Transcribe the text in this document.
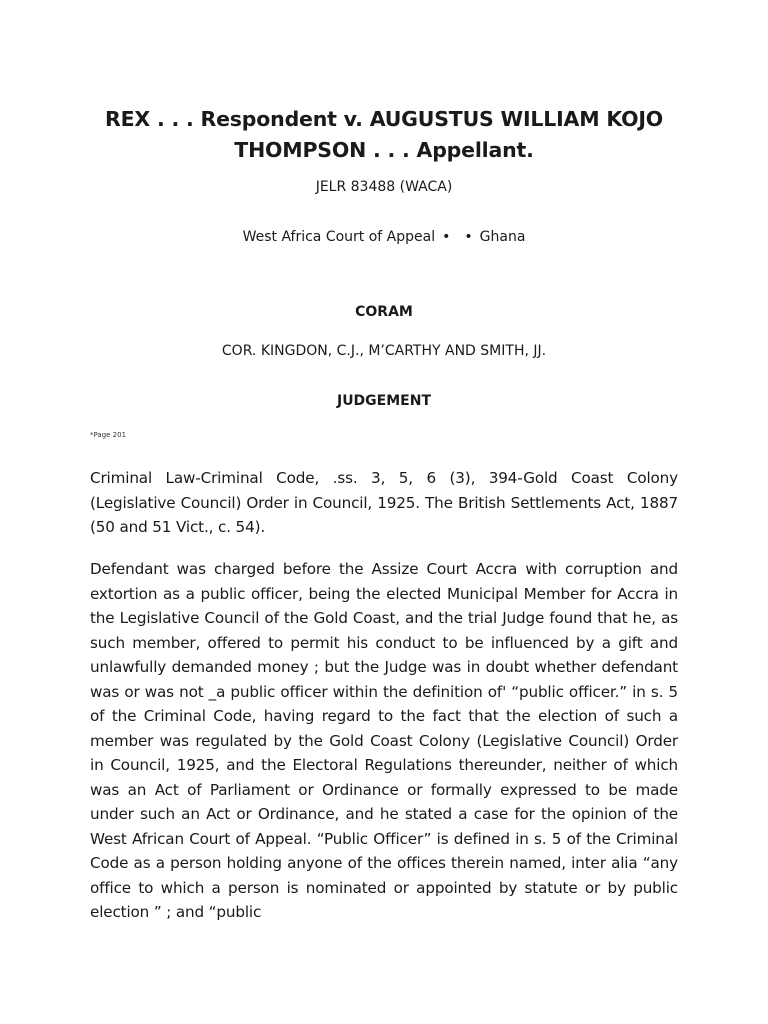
REX . . . Respondent v. AUGUSTUS WILLIAM KOJO THOMPSON . . . Appellant.
JELR 83488 (WACA)
West Africa Court of Appeal • • Ghana
CORAM
COR. KINGDON, C.J., M’CARTHY AND SMITH, JJ.
JUDGEMENT
*Page 201

Criminal Law-Criminal Code, .ss. 3, 5, 6 (3), 394-Gold Coast Colony (Legislative Council) Order in Council, 1925. The British Settlements Act, 1887 (50 and 51 Vict., c. 54).

Defendant was charged before the Assize Court Accra with corruption and extortion as a public officer, being the elected Municipal Member for Accra in the Legislative Council of the Gold Coast, and the trial Judge found that he, as such member, offered to permit his conduct to be influenced by a gift and unlawfully demanded money ; but the Judge was in doubt whether defendant was or was not _a public officer within the definition of' “public officer.” in s. 5 of the Criminal Code, having regard to the fact that the election of such a member was regulated by the Gold Coast Colony (Legislative Council) Order in Council, 1925, and the Electoral Regulations thereunder, neither of which was an Act of Parliament or Ordinance or formally expressed to be made under such an Act or Ordinance, and he stated a case for the opinion of the West African Court of Appeal. “Public Officer” is defined in s. 5 of the Criminal Code as a person holding anyone of the offices therein named, inter alia “any office to which a person is nominated or appointed by statute or by public election ” ; and “public
